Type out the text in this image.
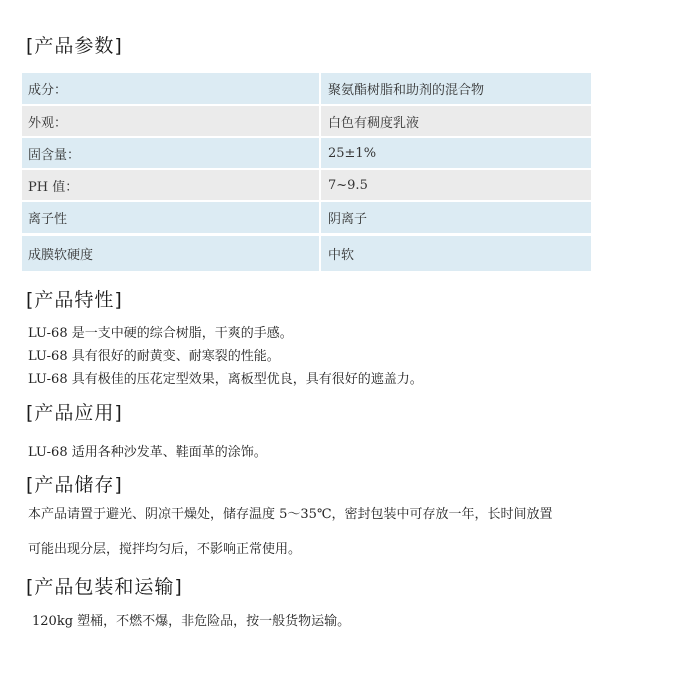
[产品参数]
成分：	聚氨酯树脂和助剂的混合物
外观：	白色有稠度乳液
固含量：	25±1%
PH 值：	7~9.5
离子性	阴离子
成膜软硬度	中软
[产品特性]
LU-68 是一支中硬的综合树脂，干爽的手感。
LU-68 具有很好的耐黄变、耐寒裂的性能。
LU-68 具有极佳的压花定型效果，离板型优良，具有很好的遮盖力。
[产品应用]
LU-68 适用各种沙发革、鞋面革的涂饰。
[产品储存]
本产品请置于避光、阴凉干燥处，储存温度 5～35℃，密封包装中可存放一年，长时间放置
可能出现分层，搅拌均匀后，不影响正常使用。
[产品包装和运输]
120kg 塑桶，不燃不爆，非危险品，按一般货物运输。
